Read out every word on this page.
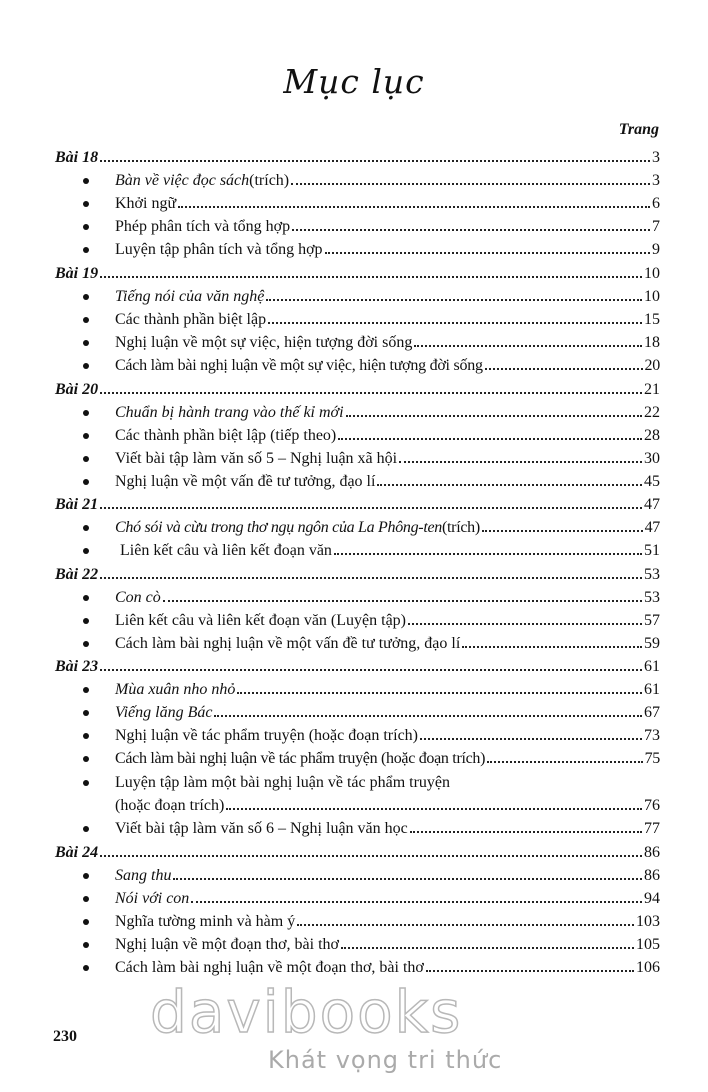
Mục lục
Trang
Bài 18	3
Bàn về việc đọc sách (trích)	3
Khởi ngữ	6
Phép phân tích và tổng hợp	7
Luyện tập phân tích và tổng hợp	9
Bài 19	10
Tiếng nói của văn nghệ	10
Các thành phần biệt lập	15
Nghị luận về một sự việc, hiện tượng đời sống	18
Cách làm bài nghị luận về một sự việc, hiện tượng đời sống	20
Bài 20	21
Chuẩn bị hành trang vào thế kỉ mới	22
Các thành phần biệt lập (tiếp theo)	28
Viết bài tập làm văn số 5 – Nghị luận xã hội	30
Nghị luận về một vấn đề tư tưởng, đạo lí	45
Bài 21	47
Chó sói và cừu trong thơ ngụ ngôn của La Phông-ten (trích)	47
Liên kết câu và liên kết đoạn văn	51
Bài 22	53
Con cò	53
Liên kết câu và liên kết đoạn văn (Luyện tập)	57
Cách làm bài nghị luận về một vấn đề tư tưởng, đạo lí	59
Bài 23	61
Mùa xuân nho nhỏ	61
Viếng lăng Bác	67
Nghị luận về tác phẩm truyện (hoặc đoạn trích)	73
Cách làm bài nghị luận về tác phẩm truyện (hoặc đoạn trích)	75
Luyện tập làm một bài nghị luận về tác phẩm truyện
(hoặc đoạn trích)	76
Viết bài tập làm văn số 6 – Nghị luận văn học	77
Bài 24	86
Sang thu	86
Nói với con	94
Nghĩa tường minh và hàm ý	103
Nghị luận về một đoạn thơ, bài thơ	105
Cách làm bài nghị luận về một đoạn thơ, bài thơ	106
230 davibooks
Khát vọng tri thức
